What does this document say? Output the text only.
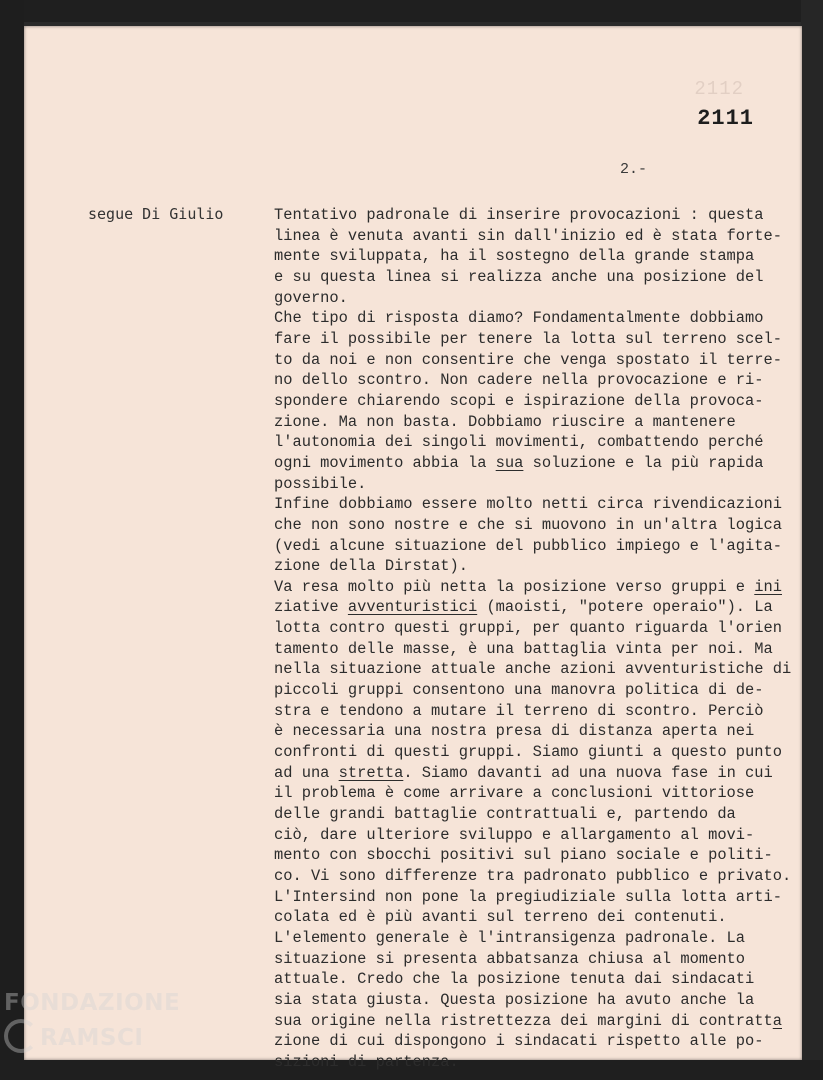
2112
2111
2.-
segue Di Giulio	Tentativo padronale di inserire provocazioni : questa
linea è venuta avanti sin dall'inizio ed è stata forte-
mente sviluppata, ha il sostegno della grande stampa
e su questa linea si realizza anche una posizione del
governo.
Che tipo di risposta diamo? Fondamentalmente dobbiamo
fare il possibile per tenere la lotta sul terreno scel-
to da noi e non consentire che venga spostato il terre-
no dello scontro. Non cadere nella provocazione e ri-
spondere chiarendo scopi e ispirazione della provoca-
zione. Ma non basta. Dobbiamo riuscire a mantenere
l'autonomia dei singoli movimenti, combattendo perché
ogni movimento abbia la sua soluzione e la più rapida
possibile.
Infine dobbiamo essere molto netti circa rivendicazioni
che non sono nostre e che si muovono in un'altra logica
(vedi alcune situazione del pubblico impiego e l'agita-
zione della Dirstat).
Va resa molto più netta la posizione verso gruppi e ini
ziative avventuristici (maoisti, "potere operaio"). La
lotta contro questi gruppi, per quanto riguarda l'orien
tamento delle masse, è una battaglia vinta per noi. Ma
nella situazione attuale anche azioni avventuristiche di
piccoli gruppi consentono una manovra politica di de-
stra e tendono a mutare il terreno di scontro. Perciò
è necessaria una nostra presa di distanza aperta nei
confronti di questi gruppi. Siamo giunti a questo punto
ad una stretta. Siamo davanti ad una nuova fase in cui
il problema è come arrivare a conclusioni vittoriose
delle grandi battaglie contrattuali e, partendo da
ciò, dare ulteriore sviluppo e allargamento al movi-
mento con sbocchi positivi sul piano sociale e politi-
co. Vi sono differenze tra padronato pubblico e privato.
L'Intersind non pone la pregiudiziale sulla lotta arti-
colata ed è più avanti sul terreno dei contenuti.
L'elemento generale è l'intransigenza padronale. La
situazione si presenta abbatsanza chiusa al momento
attuale. Credo che la posizione tenuta dai sindacati
sia stata giusta. Questa posizione ha avuto anche la
sua origine nella ristrettezza dei margini di contratta
zione di cui dispongono i sindacati rispetto alle po-
sizioni di partenza.
FONDAZIONE
RAMSCI
